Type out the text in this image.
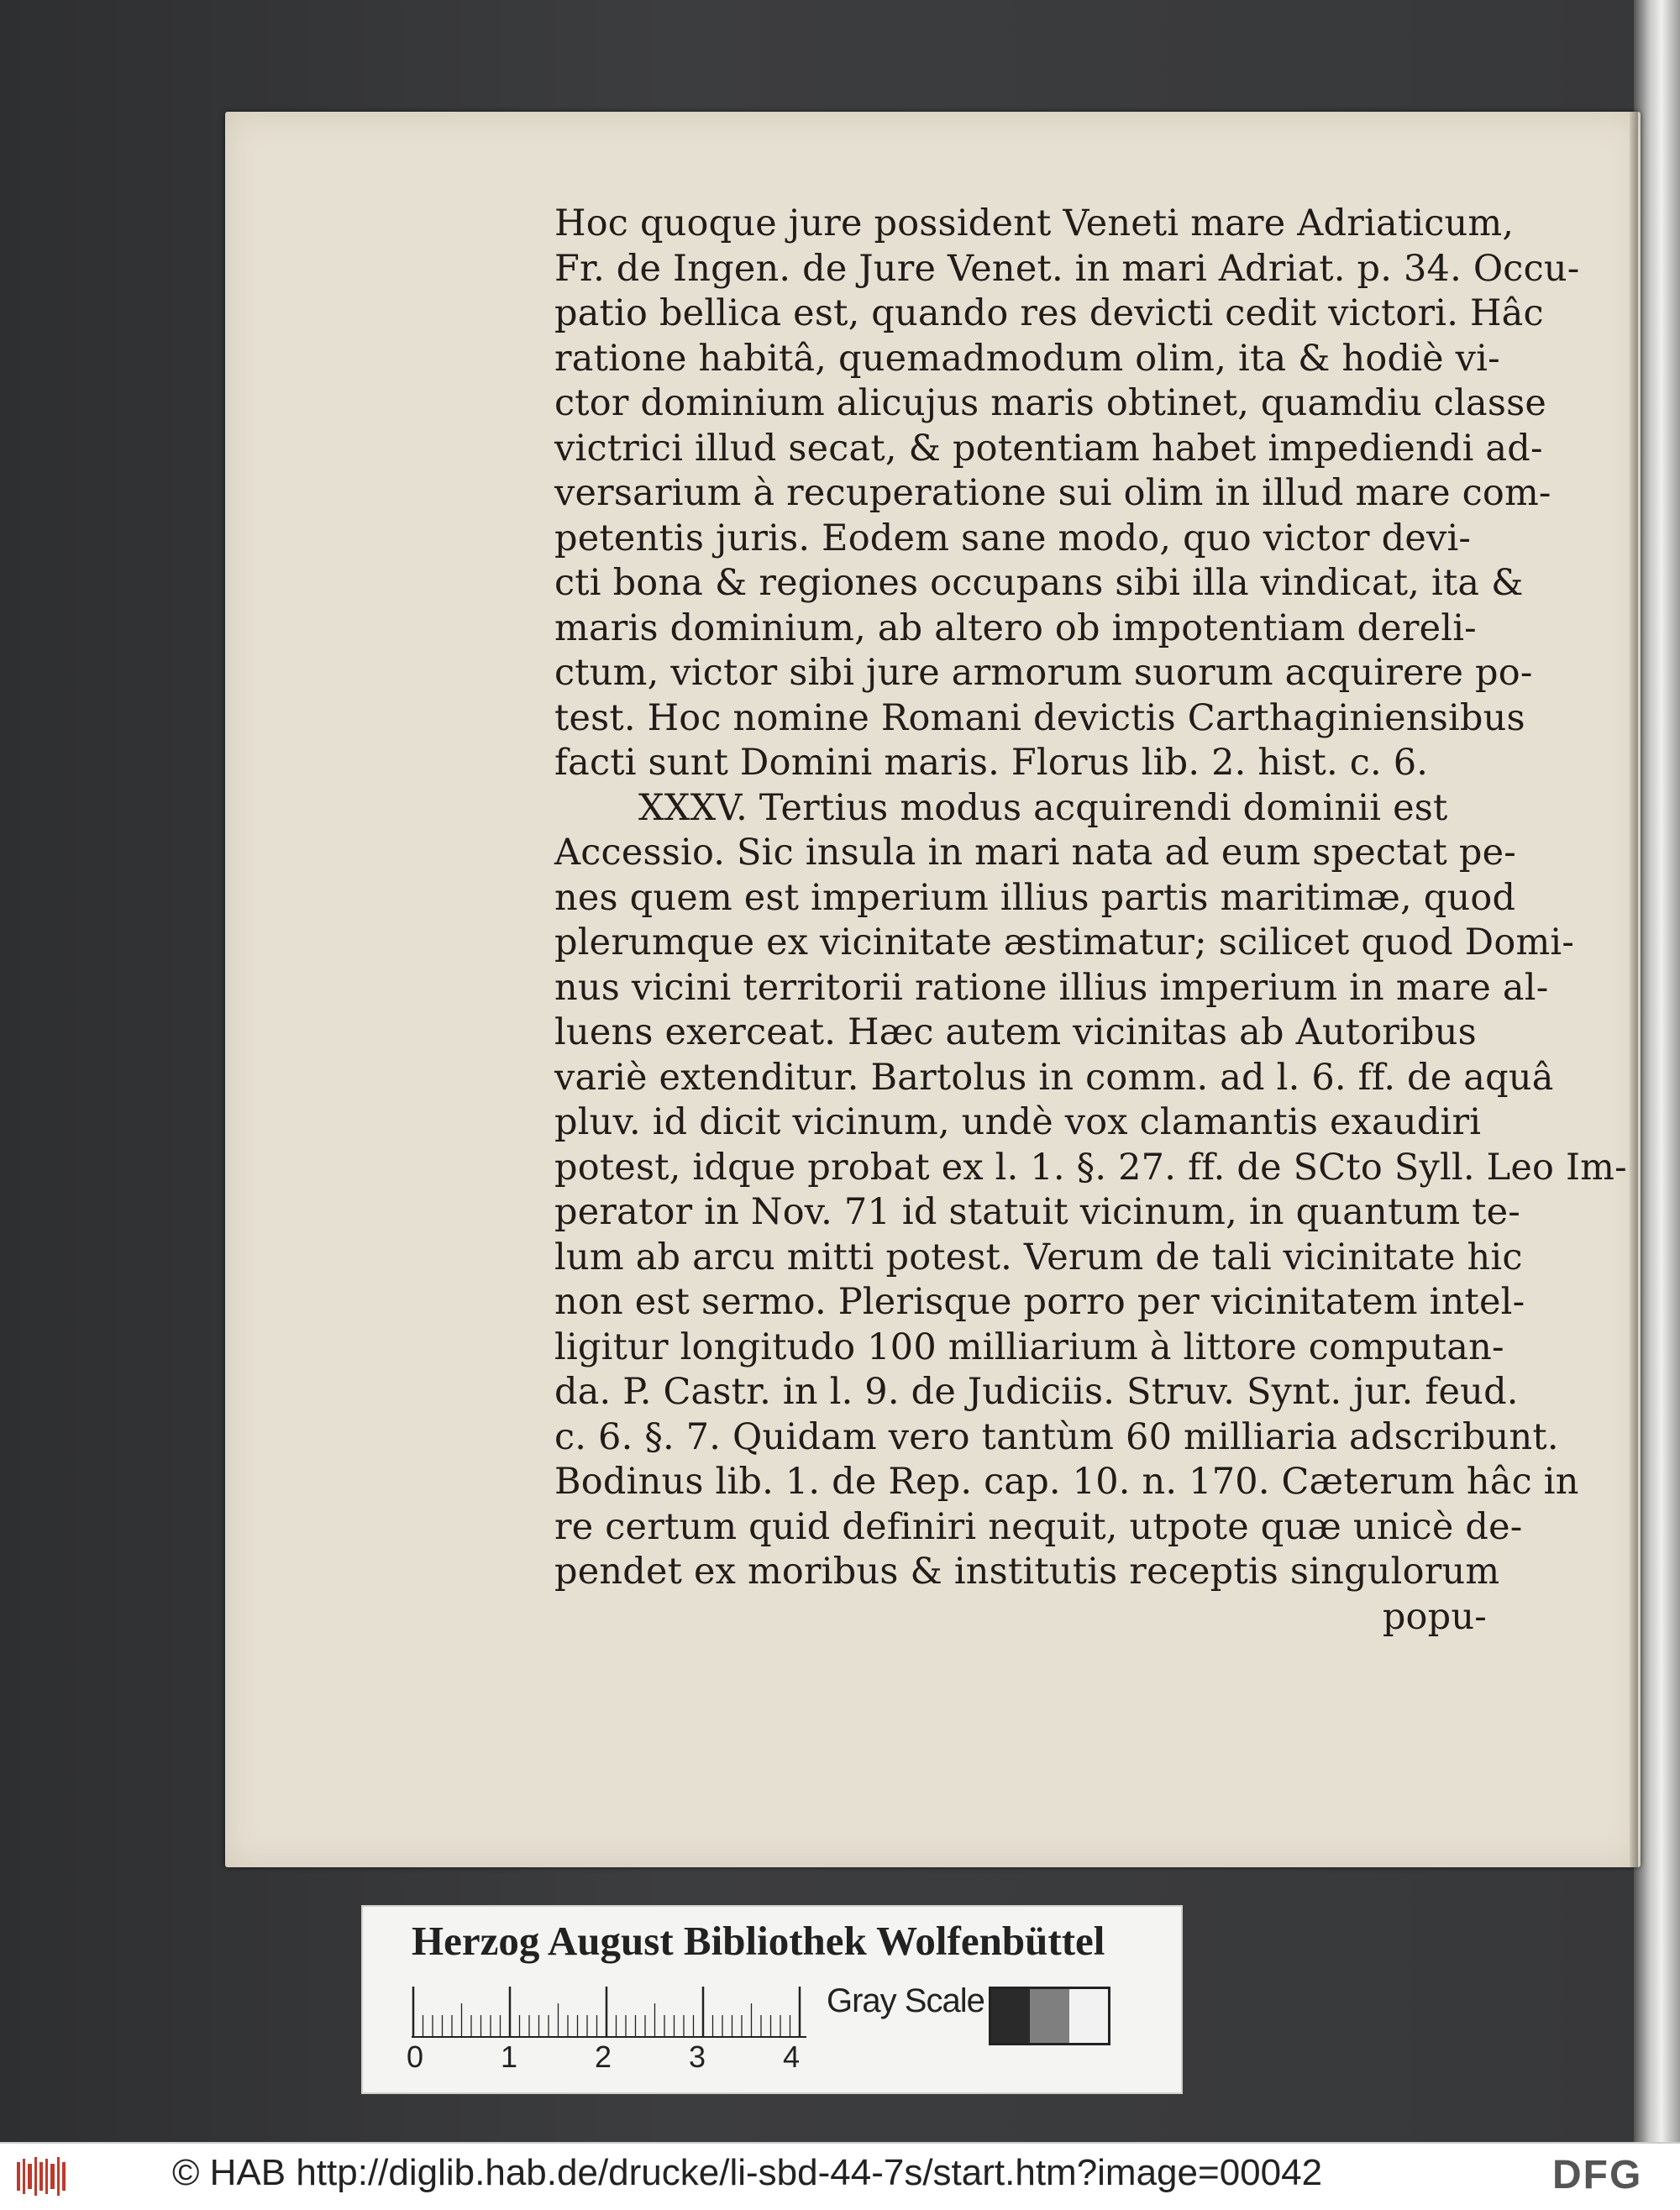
Hoc quoque jure possident Veneti mare Adriaticum,
Fr. de Ingen. de Jure Venet. in mari Adriat. p. 34. Occu-
patio bellica est, quando res devicti cedit victori. Hâc
ratione habitâ, quemadmodum olim, ita & hodiè vi-
ctor dominium alicujus maris obtinet, quamdiu classe
victrici illud secat, & potentiam habet impediendi ad-
versarium à recuperatione sui olim in illud mare com-
petentis juris. Eodem sane modo, quo victor devi-
cti bona & regiones occupans sibi illa vindicat, ita &
maris dominium, ab altero ob impotentiam dereli-
ctum, victor sibi jure armorum suorum acquirere po-
test. Hoc nomine Romani devictis Carthaginiensibus
facti sunt Domini maris. Florus lib. 2. hist. c. 6.
XXXV. Tertius modus acquirendi dominii est
Accessio. Sic insula in mari nata ad eum spectat pe-
nes quem est imperium illius partis maritimæ, quod
plerumque ex vicinitate æstimatur; scilicet quod Domi-
nus vicini territorii ratione illius imperium in mare al-
luens exerceat. Hæc autem vicinitas ab Autoribus
variè extenditur. Bartolus in comm. ad l. 6. ff. de aquâ
pluv. id dicit vicinum, undè vox clamantis exaudiri
potest, idque probat ex l. 1. §. 27. ff. de SCto Syll. Leo Im-
perator in Nov. 71 id statuit vicinum, in quantum te-
lum ab arcu mitti potest. Verum de tali vicinitate hic
non est sermo. Plerisque porro per vicinitatem intel-
ligitur longitudo 100 milliarium à littore computan-
da. P. Castr. in l. 9. de Judiciis. Struv. Synt. jur. feud.
c. 6. §. 7. Quidam vero tantùm 60 milliaria adscribunt.
Bodinus lib. 1. de Rep. cap. 10. n. 170. Cæterum hâc in
re certum quid definiri nequit, utpote quæ unicè de-
pendet ex moribus & institutis receptis singulorum
popu-
Herzog August Bibliothek Wolfenbüttel
0	1	2	3	4
Gray Scale
© HAB http://diglib.hab.de/drucke/li-sbd-44-7s/start.htm?image=00042	DFG
